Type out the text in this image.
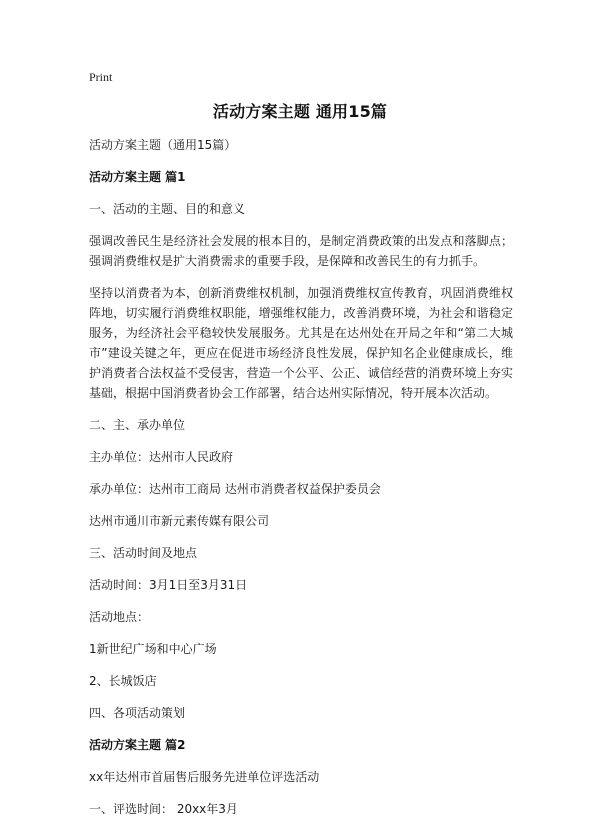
Print
活动方案主题 通用15篇

活动方案主题（通用15篇）

活动方案主题 篇1

一、活动的主题、目的和意义

强调改善民生是经济社会发展的根本目的，是制定消费政策的出发点和落脚点；强调消费维权是扩大消费需求的重要手段，是保障和改善民生的有力抓手。

坚持以消费者为本，创新消费维权机制，加强消费维权宣传教育，巩固消费维权阵地，切实履行消费维权职能，增强维权能力，改善消费环境，为社会和谐稳定服务，为经济社会平稳较快发展服务。尤其是在达州处在开局之年和“第二大城市”建设关键之年，更应在促进市场经济良性发展，保护知名企业健康成长，维护消费者合法权益不受侵害，营造一个公平、公正、诚信经营的消费环境上夯实基础，根据中国消费者协会工作部署，结合达州实际情况，特开展本次活动。

二、主、承办单位

主办单位：达州市人民政府

承办单位：达州市工商局 达州市消费者权益保护委员会

达州市通川市新元素传媒有限公司

三、活动时间及地点

活动时间：3月1日至3月31日

活动地点：

1新世纪广场和中心广场

2、长城饭店

四、各项活动策划

活动方案主题 篇2

xx年达州市首届售后服务先进单位评选活动

一、评选时间： 20xx年3月
